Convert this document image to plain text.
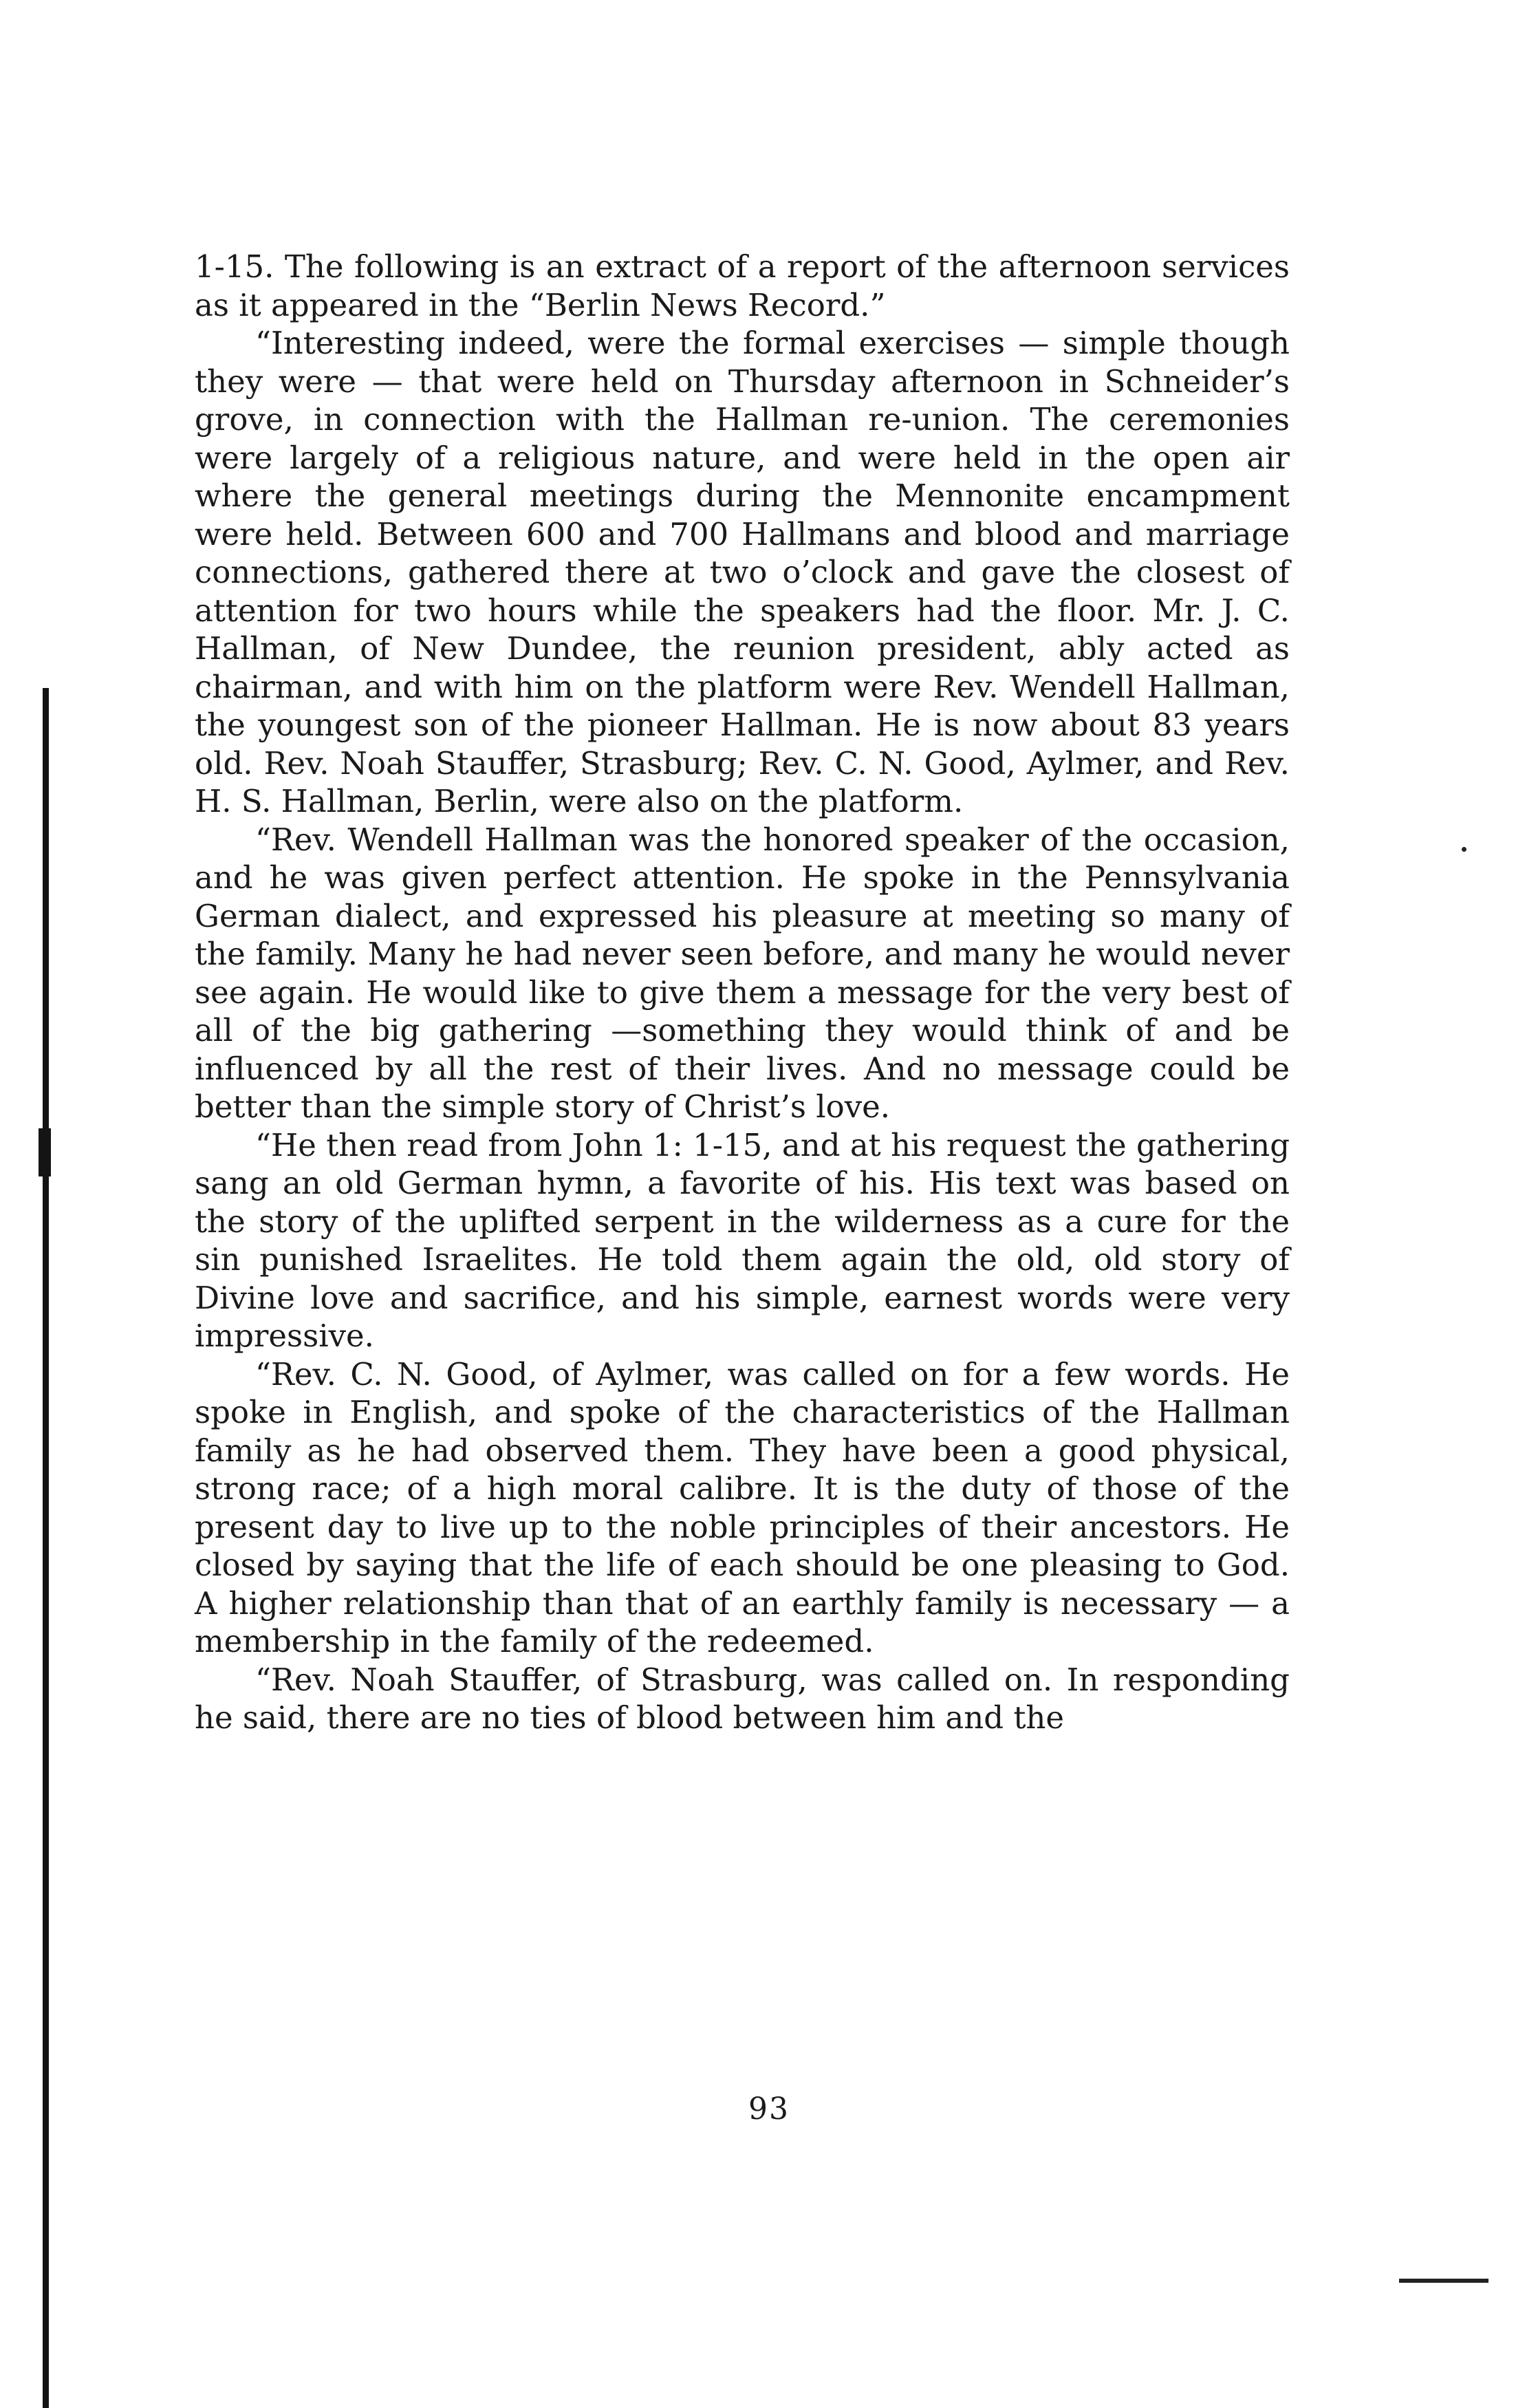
1-15. The following is an extract of a report of the afternoon services as it appeared in the “Berlin News Record.”

“Interesting indeed, were the formal exercises — simple though they were — that were held on Thursday afternoon in Schneider’s grove, in connection with the Hallman re-union. The ceremonies were largely of a religious nature, and were held in the open air where the general meetings during the Mennonite encampment were held. Between 600 and 700 Hallmans and blood and marriage connections, gathered there at two o’clock and gave the closest of attention for two hours while the speakers had the floor. Mr. J. C. Hallman, of New Dundee, the reunion president, ably acted as chairman, and with him on the platform were Rev. Wendell Hallman, the youngest son of the pioneer Hallman. He is now about 83 years old. Rev. Noah Stauffer, Strasburg; Rev. C. N. Good, Aylmer, and Rev. H. S. Hallman, Berlin, were also on the platform.

“Rev. Wendell Hallman was the honored speaker of the occasion, and he was given perfect attention. He spoke in the Pennsylvania German dialect, and expressed his pleasure at meeting so many of the family. Many he had never seen before, and many he would never see again. He would like to give them a message for the very best of all of the big gathering —something they would think of and be influenced by all the rest of their lives. And no message could be better than the simple story of Christ’s love.

“He then read from John 1: 1-15, and at his request the gathering sang an old German hymn, a favorite of his. His text was based on the story of the uplifted serpent in the wilderness as a cure for the sin punished Israelites. He told them again the old, old story of Divine love and sacrifice, and his simple, earnest words were very impressive.

“Rev. C. N. Good, of Aylmer, was called on for a few words. He spoke in English, and spoke of the characteristics of the Hallman family as he had observed them. They have been a good physical, strong race; of a high moral calibre. It is the duty of those of the present day to live up to the noble principles of their ancestors. He closed by saying that the life of each should be one pleasing to God. A higher relationship than that of an earthly family is necessary — a membership in the family of the redeemed.

“Rev. Noah Stauffer, of Strasburg, was called on. In responding he said, there are no ties of blood between him and the

93
